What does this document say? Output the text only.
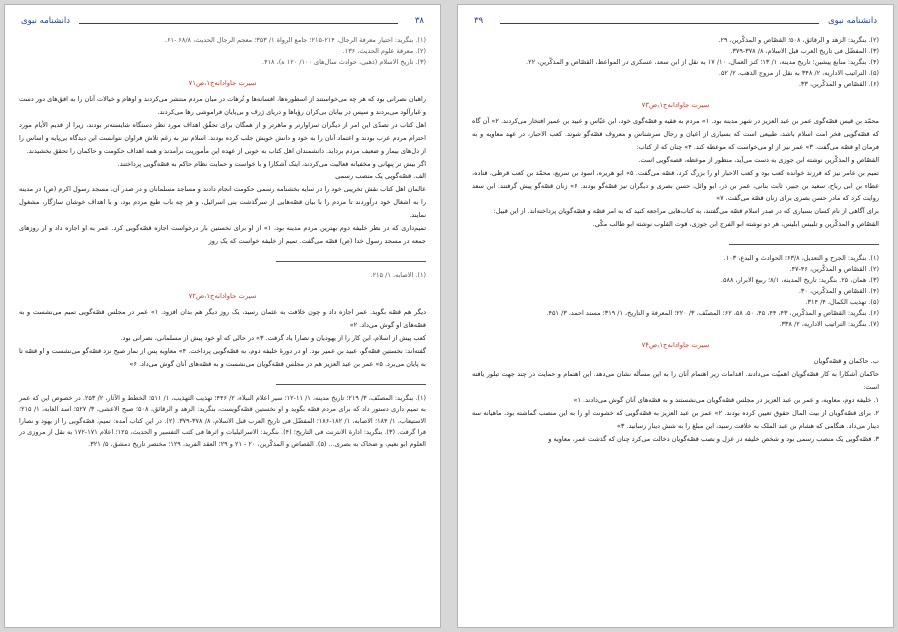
دانشنامه نبوی	۳۸

(۱). بنگرید: اختیار معرفة الرجال، ۲۱۴-۲۱۵؛ جامع الرواة ۱/ ۳۵۳؛ معجم الرجال الحدیث، ۶۸/۸ -۶۱.

(۲). معرفة علوم الحدیث، ۱۳۶.

(۳). تاریخ الاسلام (ذهبی، حوادث سال‌های ۱۰۰/ ۱۲۰ ه)، ۴۱۸.

سیرت جاوادانه‌ج۱،ص۷۱

راهبان نصرانی بود که هر چه می‌خواستند از اسطوره‌ها، افسانه‌ها و تُرهات در میان مردم منتشر می‌کردند و اوهام و خیالات آنان را به افق‌های دور دست و غبارآلود می‌بردند و سپس در بیابان بی‌کران رؤیاها و دریای ژرف و بی‌پایان فراموشی رها می‌کردند.

اهل کتاب در تصدّی این امر از دیگران سزاوارتر و ماهرتر و از همگان برای تحقّق اهداف مورد نظر دستگاه شایسته‌تر بودند، زیرا از قدیم الأیام مورد احترام مردم عرب بودند و اعتماد آنان را به خود و دانش خویش جلب کرده بودند. اسلام نیز به رغم تلاش فراوان نتوانست این دیدگاه بی‌پایه و اساس را از دل‌های بیمار و ضعیف مردم برداید. دانشمندان اهل کتاب به خوبی از عهده این مأموریت برآمدند و همه اهداف حکومت و حاکمان را تحقق بخشیدند.

اگر بیش تر پنهانی و مخفیانه فعالیت می‌کردند، اینک آشکارا و با خواست و حمایت نظام حاکم به قصّه‌گویی پرداختند.

الف. قصّه‌گویی یک منصب رسمی

عالمان اهل کتاب نقش تخریبی خود را در سایه بخشنامه رسمی حکومت انجام دادند و مساجد مسلمانان و در صدر آن، مسجد رسول اکرم (ص) در مدینه را به اشغال خود درآوردند تا مردم را با بیان قصّه‌هایی از سرگذشت بنی اسرائیل، و هر چه باب طبع مردم بود، و با اهداف خوشان سازگار، مشغول نمایند.

تمیم‌داری که در نظر خلیفه دوم بهترین مردم مدینه بود، ۱» از او برای نخستین بار درخواست اجازه قصّه‌گویی کرد. عمر به او اجازه داد و از روزهای جمعه در مسجد رسول خدا (ص) قصّه می‌گفت. تمیم از خلیفه خواست که یک روز

(۱). الاصابه، ۱/ ۲۱۵.

سیرت جاوادانه‌ج۱،ص۷۲

دیگر هم قصّه بگوید. عمر اجازه داد و چون خلافت به عثمان رسید، یک روز دیگر هم بدان افزود. ۱» عمر در مجلس قصّه‌گویی تمیم می‌نشست و به قصّه‌های او گوش می‌داد. ۲»

کعب پیش از اسلام، این کار را از یهودیان و نصارا یاد گرفت. ۳» در حالی که او خود پیش از مسلمانی، نصرانی بود.

گفته‌اند: نخستین قصّه‌گو، عبید بن عمیر بود. او در دورهٔ خلیفه دوم، به قصّه‌گویی پرداخت. ۴» معاویه پس از نماز صبح نزد قصّه‌گو می‌نشست و او قصّه تا به پایان می‌برد. ۵» عمر بن عبد العزیز هم در مجلس قصّه‌گویان می‌نشست و به قصّه‌های آنان گوش می‌داد. ۶»

(۱). بنگرید: المصنّف، ۳/ ۲۱۹؛ تاریخ مدینه، ۱/ ۱۱-۱۲؛ سیر اعلام النبلاء، ۲/ ۴۴۶؛ تهذیب التهذیب، ۱/ ۵۱۱؛ الخطط و الآثار، ۲/ ۲۵۳. در خصوص این که عمر به تمیم داری دستور داد که برای مردم قصّه بگوید و او نخستین قصّه‌گویست، بنگرید: الزهد و الرقائق، ۵۰۸؛ صبح الاعشی، ۳/ ۵۲۷؛ اسد الغابه، ۱/ ۲۱۵؛ الاستیعاب، ۱/ ۱۸۴؛ الاصابه، ۱/ ۱۸۲-۱۸۶؛ المفضّل فی تاریخ العرب قبل الاسلام، ۸/ ۳۷۸-۳۷۹. (۲). در این کتاب آمده: تمیم، قصّه‌گویی را از یهود و نصارا فرا گرفت. (۳). بنگرید: ادارة الانترنت فی التاریخ؛ (۴). بنگرید: الاسرائیلیات و اثرها فی کتب التفسیر و الحدیث، ۱۲۵؛ اعلام ۱۷۱-۱۷۲ به نقل از مروزی در العلوم ابو نعیم، و ضحاک به بصری... (۵). القصاص و المذکّرین، ۲۰ - ۲۱ و ۲۹؛ العقد الفرید، ۱۲۹؛ مختصر تاریخ دمشق، ۵/ ۳۲۱.

۳۹	دانشنامه نبوی

(۲). بنگرید: الزهد و الرقائق، ۵۰۸؛ القصّاص و المذکّرین، ۲۹.

(۳). المفضّل فی تاریخ العرب قبل الاسلام، ۸/ ۳۷۸-۳۷۹.

(۴). بنگرید: منابع پیشین؛ تاریخ مدینه، ۱/ ۱۳؛ کنز العمال، ۱۰/ ۱۷ به نقل از ابن سعد، عسکری در المواعظ، القصّاص و المذکّرین، ۲۲.

(۵). التراتیب الاداریه، ۲/ ۳۴۸ به نقل از مروج الذهب، ۲/ ۵۲.

(۶). القصّاص و المذکّرین، ۳۳.

سیرت جاوادانه‌ج۱،ص۷۳

محمّد بن قیس قصّه‌گوی عمر بن عبد العزیز در شهر مدینه بود. ۱» مردم به فقیه و قصّه‌گوی خود، ابن عبّاس و عبید بن عمیر افتخار می‌کردند. ۲» آن گاه که قصّه‌گویی فخر امت اسلام باشد، طبیعی است که بسیاری از اعیان و رجال سرشناس و معروف قصّه‌گو شوند. کعب الاحبار، در عهد معاویه و به فرمان او قصّه می‌گفت. ۳» عمر نیز از او می‌خواست که موعظه کند. ۴» چنان که از کتاب:

القصّاص و المذکّرین نوشته ابن جوزی به دست می‌آید، منظور از موعظه، قصه‌گویی است.

تمیم بن عامر نیز که فرزند خوانده کعب بود و کعب الاحبار او را بزرگ کرد، قصّه می‌گفت. ۵» ابو هریره، اسود بن سریع، محمّد بن کعب قرظی، قتاده، عطاء بن ابی رباح، سعید بن جبیر، ثابت بنانی، عمر بن ذر، ابو وائل، حسن بصری و دیگران نیز قصّه‌گو بودند. ۶» زنان قصّه‌گو پیش گرفتند. ابن سعد روایت کرد که مادر حسن بصری برای زنان قصّه می‌گفت. ۷»

برای آگاهی از نام کسان بسیاری که در صدر اسلام قصّه می‌گفتند، به کتاب‌هایی مراجعه کنید که به امر قصّه و قصّه‌گویان پرداخته‌اند. از این قبیل:

القصّاص و المذکّرین و تلبیس ابلیس، هر دو نوشته ابو الفرج ابن جوزی، قوت القلوب نوشته ابو طالب مکّی.

(۱). بنگرید: الجرح و التعدیل، ۶۳/۸؛ الحوادث و البدع، ۱۰۳.

(۲). القصّاص و المذکّرین، ۴۶-۴۷.

(۳). همان، ۲۵. بنگرید: تاریخ المدینه، ۸/۱؛ ربیع الابرار، ۵۸۸.

(۴). القصّاص و المذکّرین، ۳۰.

(۵). تهذیب الکمال، ۴/ ۳۱۴.

(۶). بنگرید: القصّاص و المذکّرین، ۴۳، ۴۴، ۴۵، ۵۰، ۵۸، ۶۲؛ المصنّف، ۳/ ۲۲۰؛ المعرفة و التاریخ، ۱/ ۳۱۹؛ مسند احمد، ۳/ ۴۵۱.

(۷). بنگرید: التراتیب الاداریه، ۲/ ۳۳۸.

سیرت جاوادانه‌ج۱،ص۷۴

ب. حاکمان و قصّه‌گویان

حاکمان آشکارا به کار قصّه‌گویان اهمیّت می‌دادند. اقدامات زیر اهتمام آنان را به این مسأله نشان می‌دهد. این اهتمام و حمایت در چند جهت تبلور یافته است:

۱. خلیفه دوم، معاویه، و عمر بن عبد العزیز در مجلس قصّه‌گویان می‌نشستند و به قصّه‌های آنان گوش می‌دادند. ۱»

۲. برای قصّه‌گویان از بیت المال حقوق تعیین کرده بودند. ۲» عمر بن عبد العزیز به قصّه‌گویی که خشونت او را به این منصب گماشته بود، ماهیانه سه دینار می‌داد. هنگامی که هشام بن عبد الملک به خلافت رسید، این مبلغ را به شش دینار رسانید. ۳»

۳. قصّه‌گویی یک منصب رسمی بود و شخص خلیفه در عزل و نصب قصّه‌گویان دخالت می‌کرد چنان که گذشت عمر، معاویه و
